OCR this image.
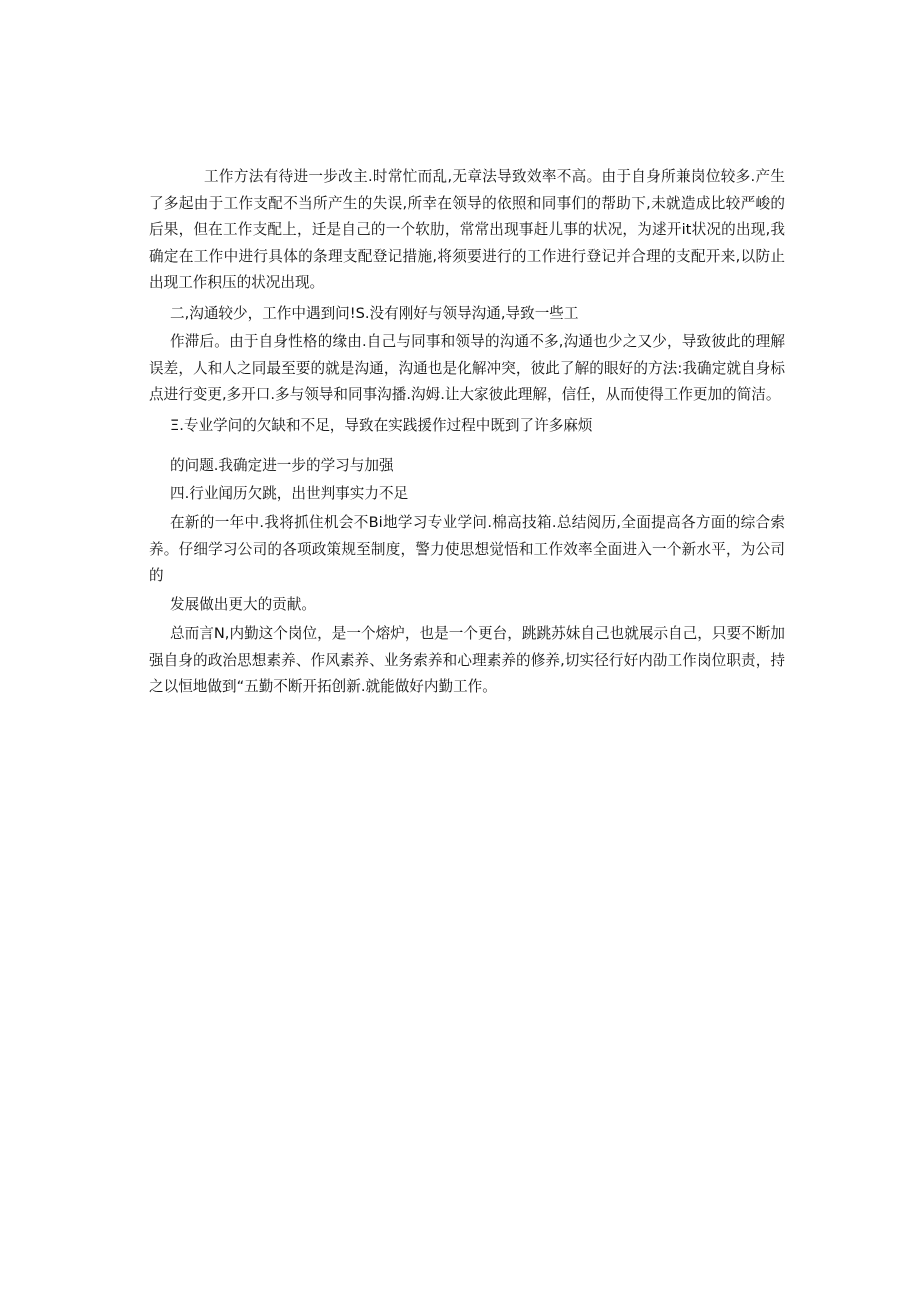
工作方法有待进一步改主.时常忙而乱,无章法导致效率不高。由于自身所兼岗位较多.产生了多起由于工作支配不当所产生的失误,所幸在领导的依照和同事们的帮助下,未就造成比较严峻的后果，但在工作支配上，迁是自己的一个软肋，常常出现事赶儿事的状况，为逑开it状况的出现,我确定在工作中进行具体的条理支配登记措施,将须要进行的工作进行登记并合理的支配开来,以防止出现工作积压的状况出现。

二,沟通较少，工作中遇到问!S.没有刚好与领导沟通,导致一些工

作滞后。由于自身性格的缘由.自己与同事和领导的沟通不多,沟通也少之又少，导致彼此的理解误差，人和人之同最至要的就是沟通，沟通也是化解冲突，彼此了解的眼好的方法:我确定就自身标点进行变更,多开口.多与领导和同事沟播.沟姆.让大家彼此理解，信任，从而使得工作更加的简洁。

Ξ.专业学问的欠缺和不足，导致在实践援作过程中既到了许多麻烦

的问题.我确定进一步的学习与加强

四.行业闻历欠跳，出世判事实力不足

在新的一年中.我将抓住机会不Bi地学习专业学问.棉高技箱.总结阅历,全面提高各方面的综合索养。仔细学习公司的各项政策规至制度，警力使思想觉悟和工作效率全面进入一个新水平，为公司的

发展做出更大的贡献。

总而言N,内勤这个岗位，是一个熔炉，也是一个更台，跳跳苏妹自己也就展示自己，只要不断加强自身的政治思想素养、作风素养、业务索养和心理素养的修养,切实径行好内劭工作岗位职责，持之以恒地做到“五勤不断开拓创新.就能做好内勤工作。
